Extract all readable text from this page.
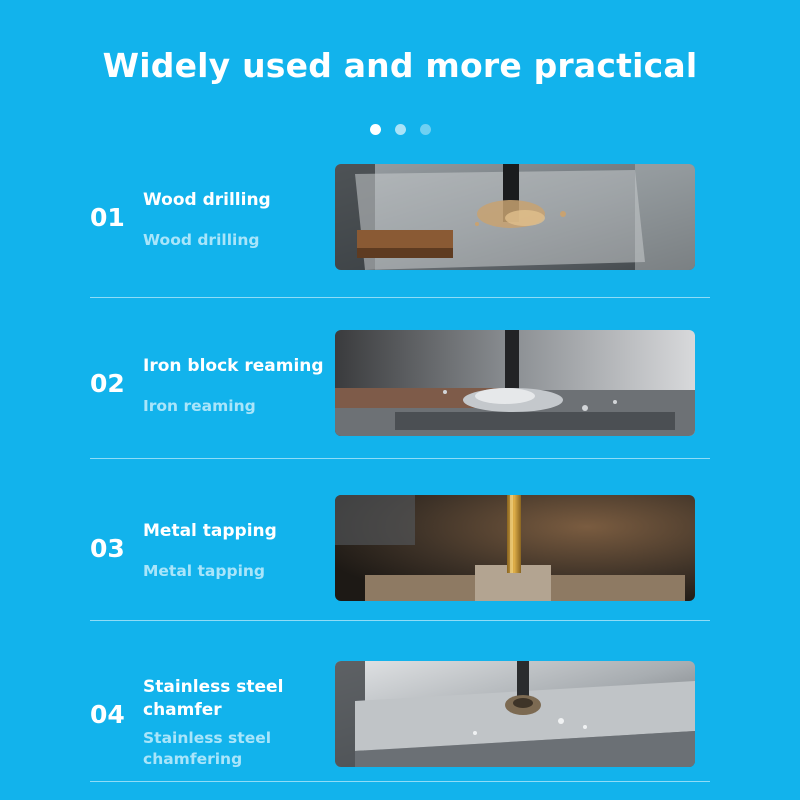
Widely used and more practical
01
Wood drilling
Wood drilling
02
Iron block reaming
Iron reaming
03
Metal tapping
Metal tapping
04
Stainless steel chamfer
Stainless steel chamfering
